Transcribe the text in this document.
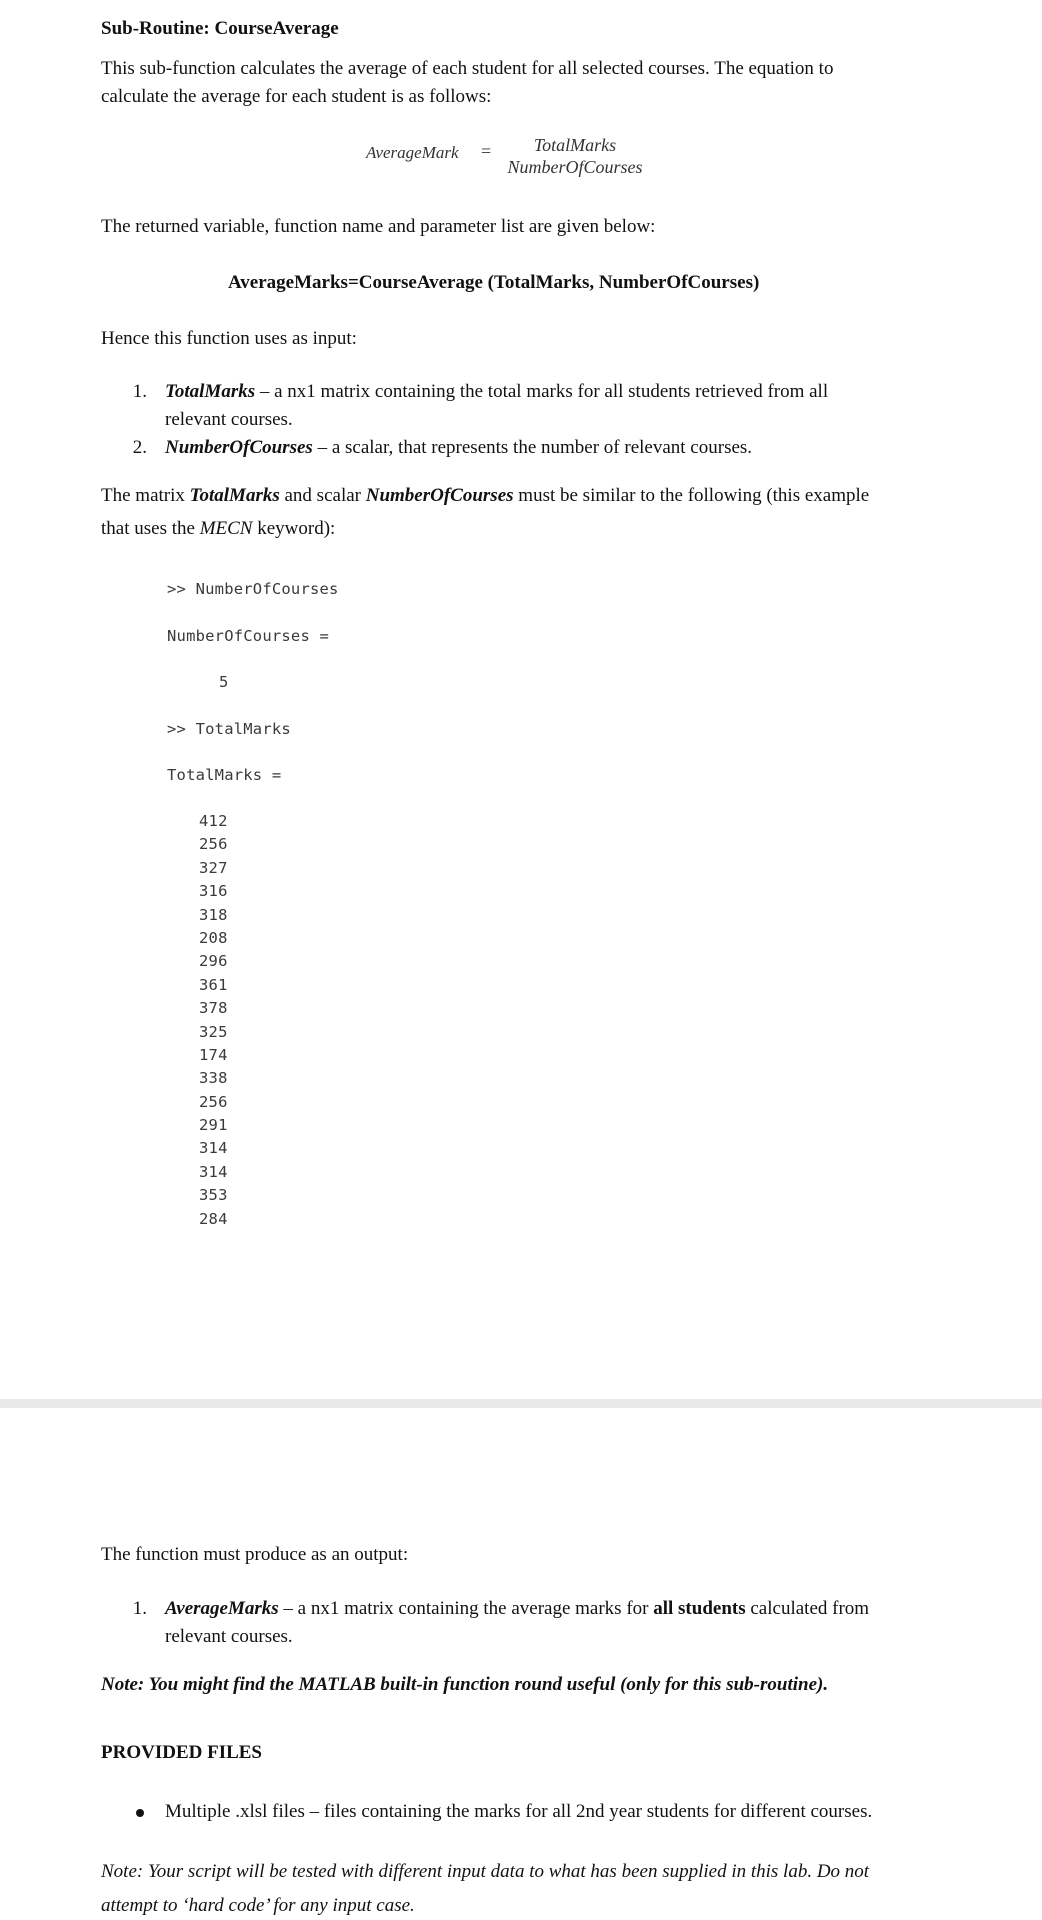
Sub-Routine: CourseAverage
This sub-function calculates the average of each student for all selected courses. The equation to
calculate the average for each student is as follows:
AverageMark =	TotalMarks
NumberOfCourses
The returned variable, function name and parameter list are given below:
AverageMarks=CourseAverage (TotalMarks, NumberOfCourses)
Hence this function uses as input:
1. TotalMarks – a nx1 matrix containing the total marks for all students retrieved from all
relevant courses.
2. NumberOfCourses – a scalar, that represents the number of relevant courses.
The matrix TotalMarks and scalar NumberOfCourses must be similar to the following (this example
that uses the MECN keyword):
>> NumberOfCourses
NumberOfCourses =
5
>> TotalMarks
TotalMarks =
412
256
327
316
318
208
296
361
378
325
174
338
256
291
314
314
353
284
The function must produce as an output:
1. AverageMarks – a nx1 matrix containing the average marks for all students calculated from
relevant courses.
Note: You might find the MATLAB built-in function round useful (only for this sub-routine).
PROVIDED FILES
Multiple .xlsl files – files containing the marks for all 2nd year students for different courses.
Note: Your script will be tested with different input data to what has been supplied in this lab. Do not
attempt to ‘hard code’ for any input case.
